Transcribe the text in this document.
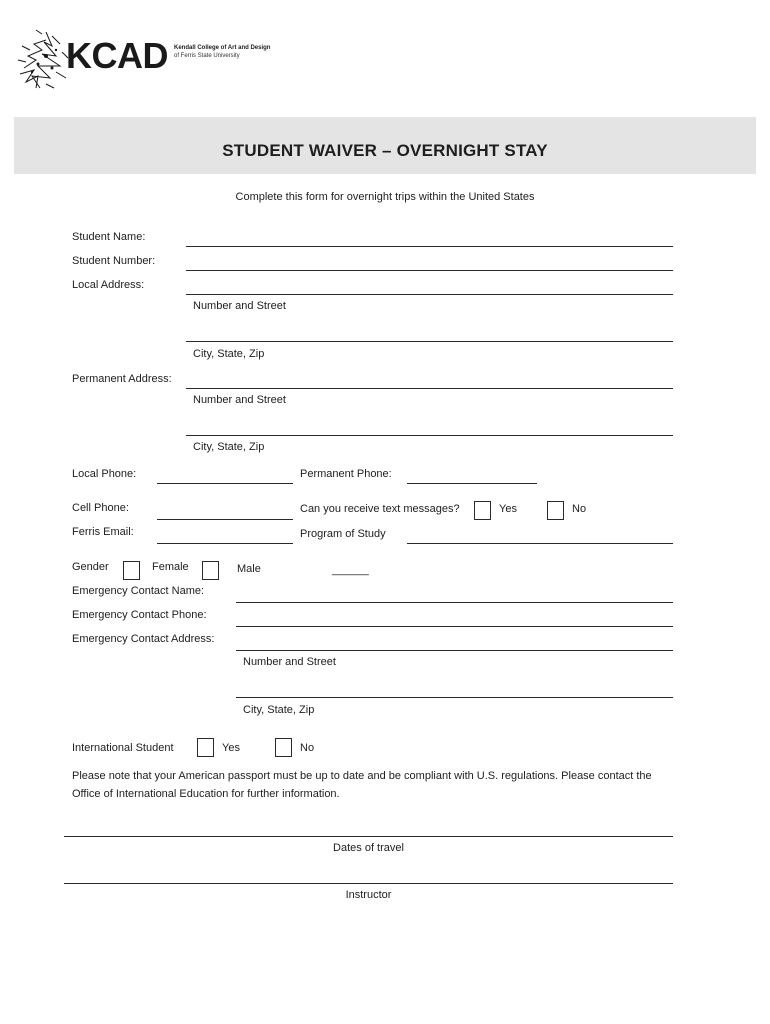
KCAD Kendall College of Art and Design
of Ferris State University
STUDENT WAIVER – OVERNIGHT STAY
Complete this form for overnight trips within the United States
Student Name:
Student Number:
Local Address:
Number and Street
City, State, Zip
Permanent Address:
Number and Street
City, State, Zip
Local Phone:	Permanent Phone:
Cell Phone:	Can you receive text messages?	Yes	No
Ferris Email:	Program of Study
Gender	Female	Male	______
Emergency Contact Name:
Emergency Contact Phone:
Emergency Contact Address:
Number and Street
City, State, Zip
International Student	Yes	No
Please note that your American passport must be up to date and be compliant with U.S. regulations. Please contact the Office of International Education for further information.
Dates of travel
Instructor
